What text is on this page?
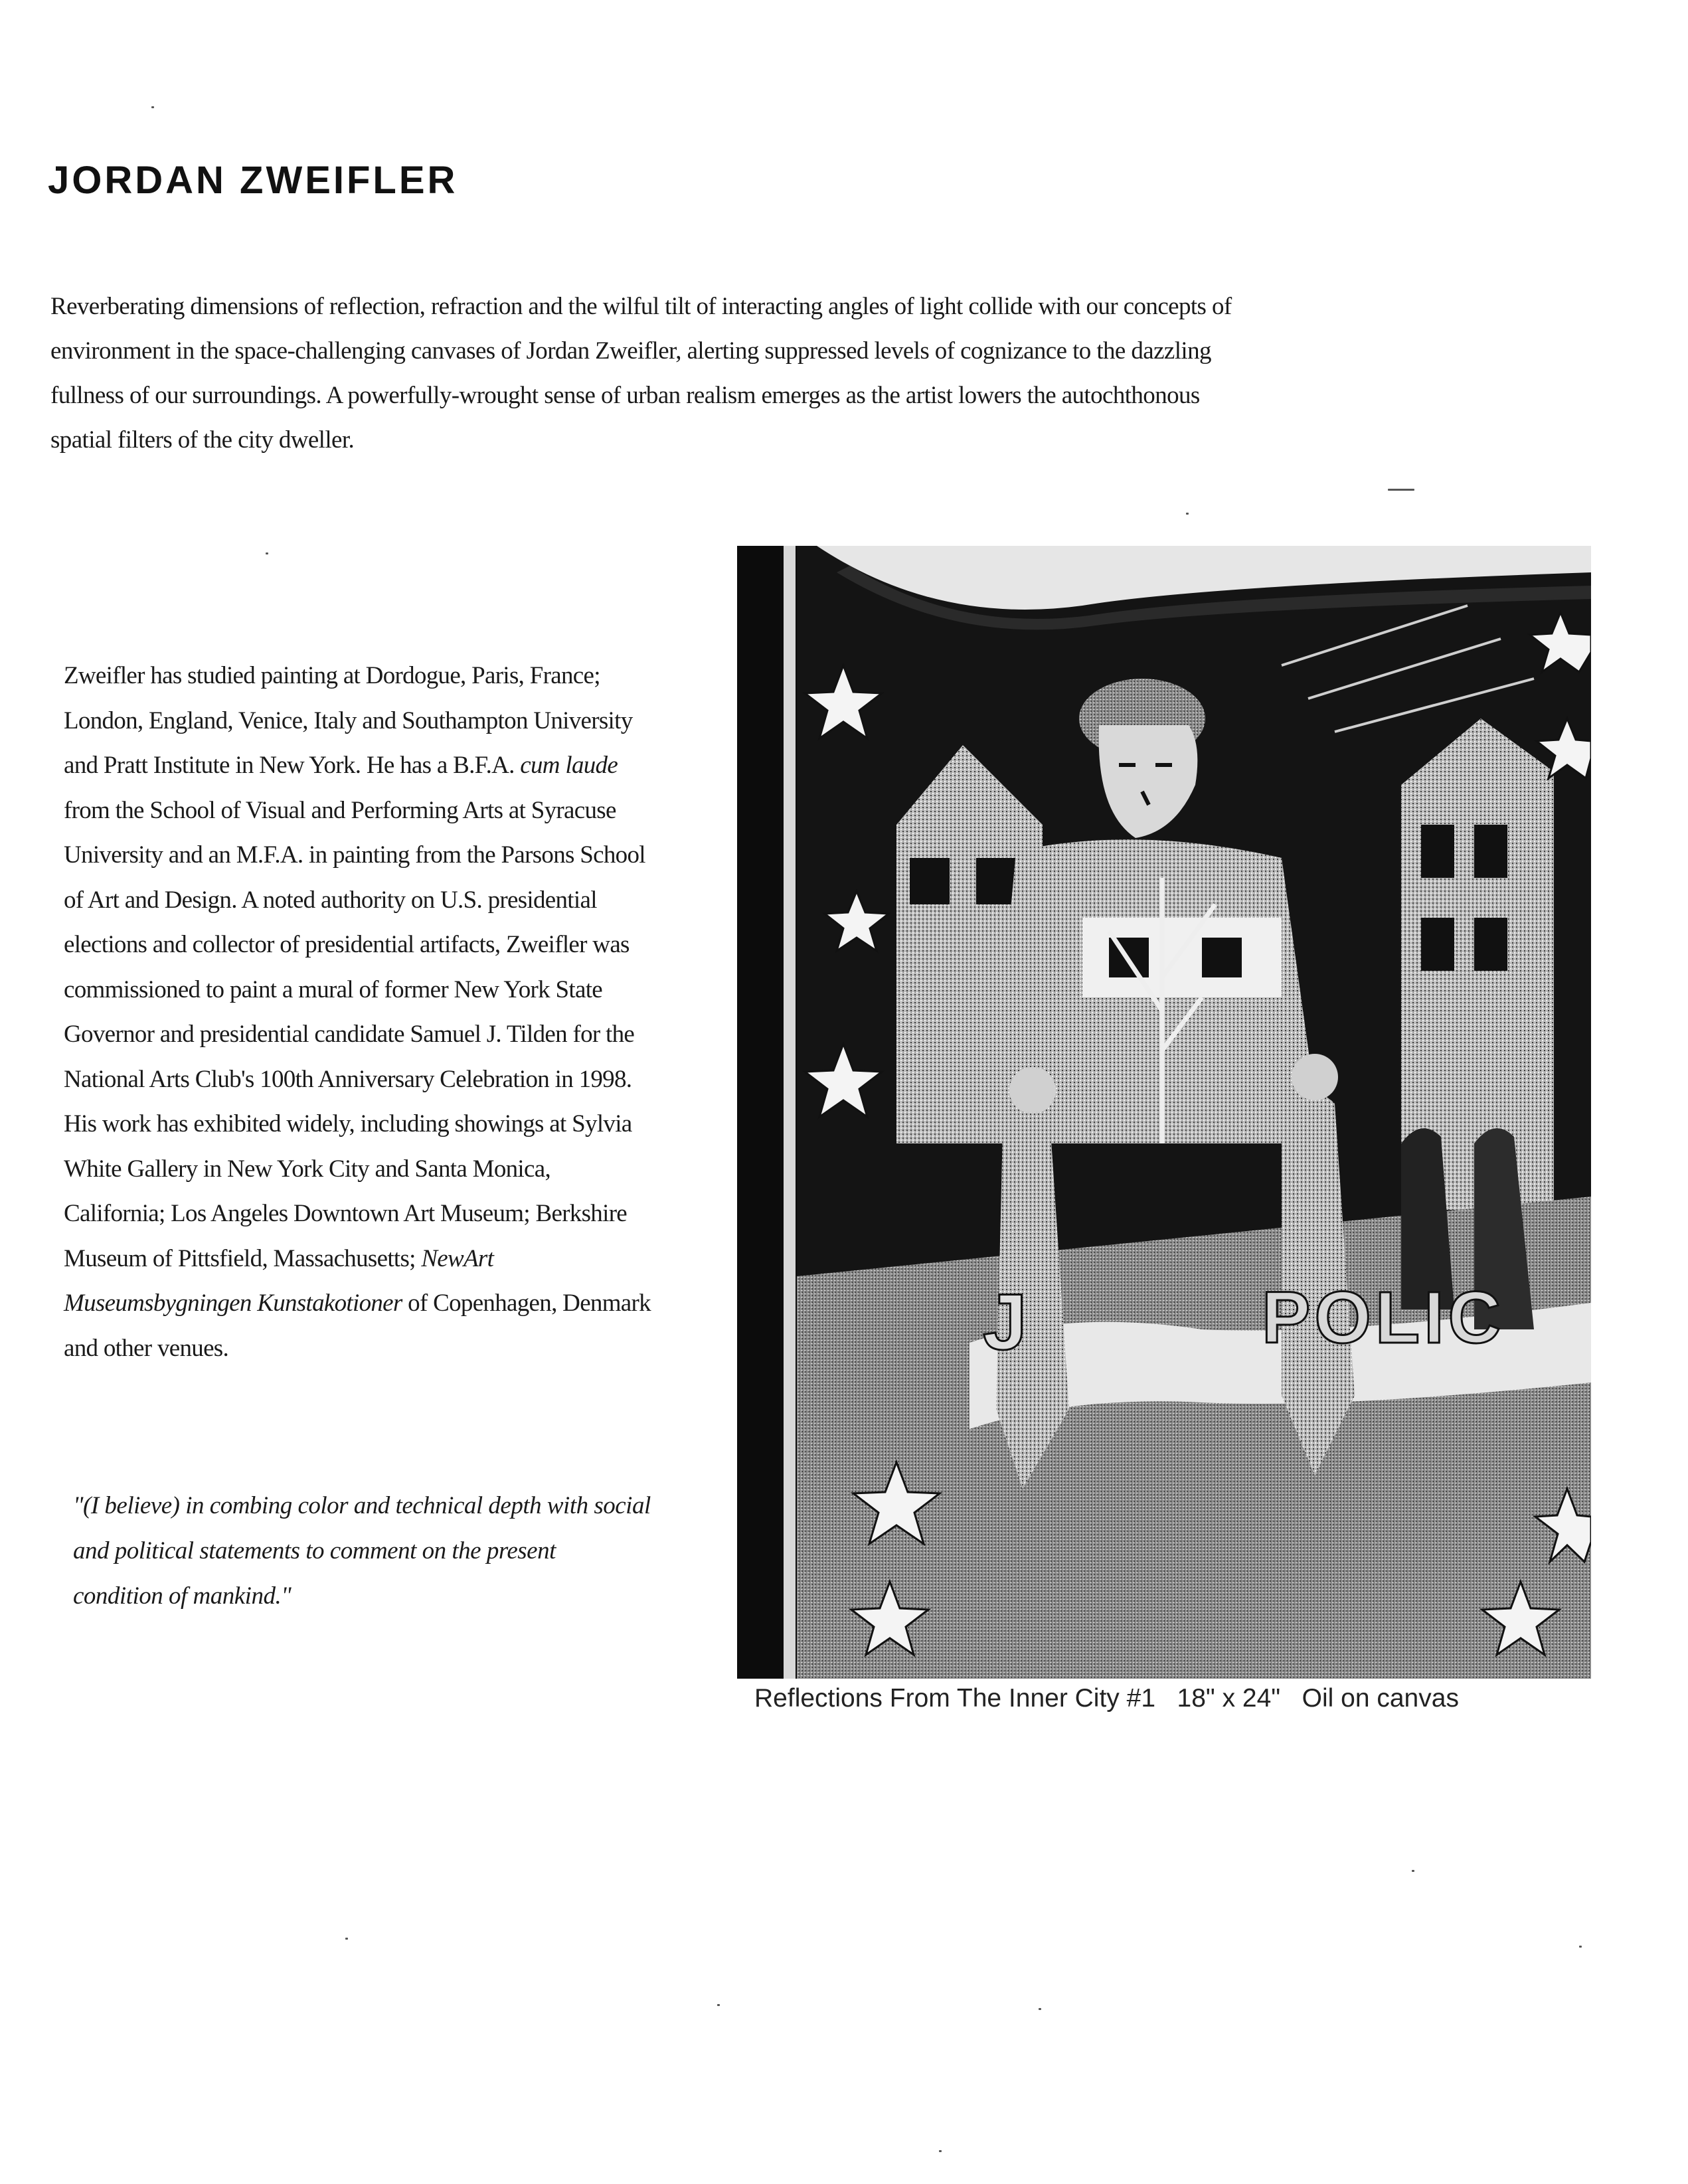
JORDAN ZWEIFLER

Reverberating dimensions of reflection, refraction and the wilful tilt of interacting angles of light collide with our concepts of environment in the space-challenging canvases of Jordan Zweifler, alerting suppressed levels of cognizance to the dazzling fullness of our surroundings. A powerfully-wrought sense of urban realism emerges as the artist lowers the autochthonous spatial filters of the city dweller.

Zweifler has studied painting at Dordogue, Paris, France; London, England, Venice, Italy and Southampton University and Pratt Institute in New York. He has a B.F.A. cum laude from the School of Visual and Performing Arts at Syracuse University and an M.F.A. in painting from the Parsons School of Art and Design. A noted authority on U.S. presidential elections and collector of presidential artifacts, Zweifler was commissioned to paint a mural of former New York State Governor and presidential candidate Samuel J. Tilden for the National Arts Club's 100th Anniversary Celebration in 1998. His work has exhibited widely, including showings at Sylvia White Gallery in New York City and Santa Monica, California; Los Angeles Downtown Art Museum; Berkshire Museum of Pittsfield, Massachusetts; NewArt Museumsbygningen Kunstakotioner of Copenhagen, Denmark and other venues.

"(I believe) in combing color and technical depth with social and political statements to comment on the present condition of mankind."

J	POLIC

Reflections From The Inner City #1   18" x 24"   Oil on canvas
